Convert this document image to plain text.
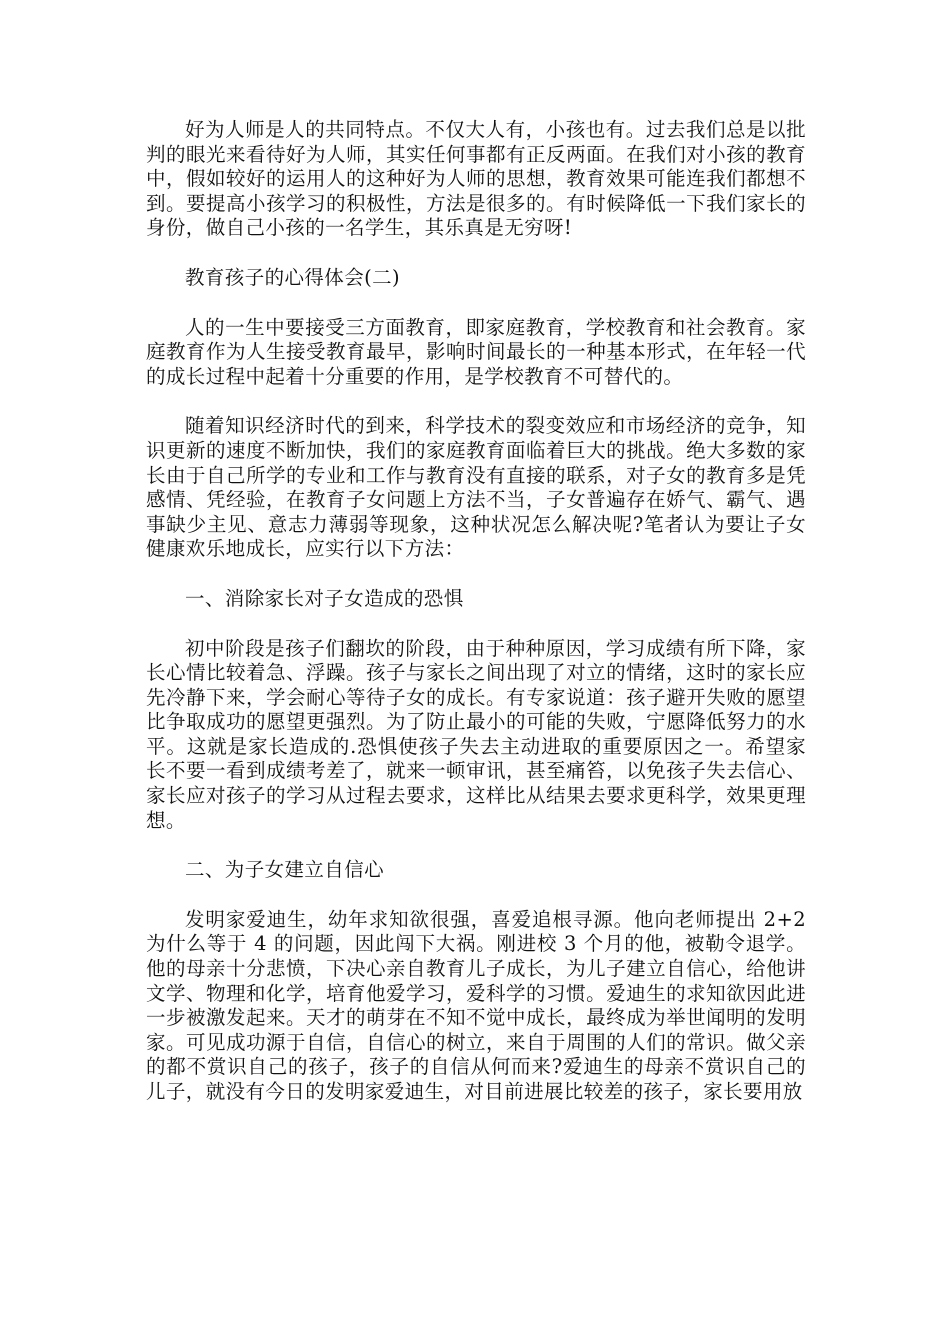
好为人师是人的共同特点。不仅大人有，小孩也有。过去我们总是以批判的眼光来看待好为人师，其实任何事都有正反两面。在我们对小孩的教育中，假如较好的运用人的这种好为人师的思想，教育效果可能连我们都想不到。要提高小孩学习的积极性，方法是很多的。有时候降低一下我们家长的身份，做自己小孩的一名学生，其乐真是无穷呀!

教育孩子的心得体会(二)

人的一生中要接受三方面教育，即家庭教育，学校教育和社会教育。家庭教育作为人生接受教育最早，影响时间最长的一种基本形式，在年轻一代的成长过程中起着十分重要的作用，是学校教育不可替代的。

随着知识经济时代的到来，科学技术的裂变效应和市场经济的竞争，知识更新的速度不断加快，我们的家庭教育面临着巨大的挑战。绝大多数的家长由于自己所学的专业和工作与教育没有直接的联系，对子女的教育多是凭感情、凭经验，在教育子女问题上方法不当，子女普遍存在娇气、霸气、遇事缺少主见、意志力薄弱等现象，这种状况怎么解决呢?笔者认为要让子女健康欢乐地成长，应实行以下方法：

一、消除家长对子女造成的恐惧

初中阶段是孩子们翻坎的阶段，由于种种原因，学习成绩有所下降，家长心情比较着急、浮躁。孩子与家长之间出现了对立的情绪，这时的家长应先冷静下来，学会耐心等待子女的成长。有专家说道：孩子避开失败的愿望比争取成功的愿望更强烈。为了防止最小的可能的失败，宁愿降低努力的水平。这就是家长造成的.恐惧使孩子失去主动进取的重要原因之一。希望家长不要一看到成绩考差了，就来一顿审讯，甚至痛笞，以免孩子失去信心、家长应对孩子的学习从过程去要求，这样比从结果去要求更科学，效果更理想。

二、为子女建立自信心

发明家爱迪生，幼年求知欲很强，喜爱追根寻源。他向老师提出 2+2 为什么等于 4 的问题，因此闯下大祸。刚进校 3 个月的他，被勒令退学。他的母亲十分悲愤，下决心亲自教育儿子成长，为儿子建立自信心，给他讲文学、物理和化学，培育他爱学习，爱科学的习惯。爱迪生的求知欲因此进一步被激发起来。天才的萌芽在不知不觉中成长，最终成为举世闻明的发明家。可见成功源于自信，自信心的树立，来自于周围的人们的常识。做父亲的都不赏识自己的孩子，孩子的自信从何而来?爱迪生的母亲不赏识自己的儿子，就没有今日的发明家爱迪生，对目前进展比较差的孩子，家长要用放
